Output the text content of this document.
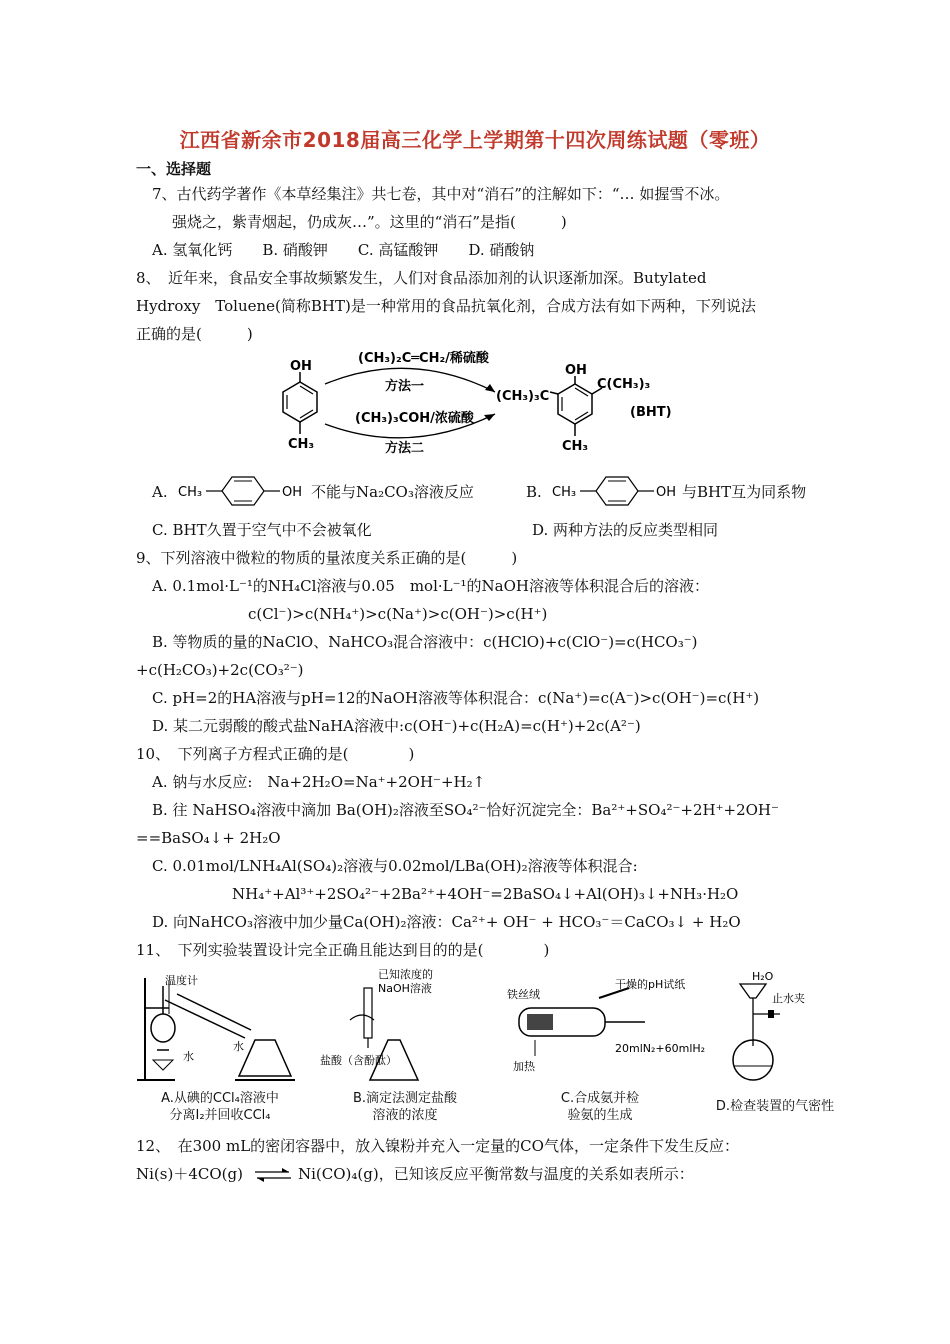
江西省新余市2018届高三化学上学期第十四次周练试题（零班）
一、选择题
7、古代药学著作《本草经集注》共七卷，其中对“消石”的注解如下：“… 如握雪不冰。
强烧之，紫青烟起，仍成灰…”。这里的“消石”是指(　　　)
A. 氢氧化钙　　B. 硝酸钾　　C. 高锰酸钾　　D. 硝酸钠
8、　近年来，食品安全事故频繁发生，人们对食品添加剂的认识逐渐加深。Butylated
Hydroxy　Toluene(简称BHT)是一种常用的食品抗氧化剂，合成方法有如下两种，下列说法
正确的是(　　　)
OH
CH₃
(CH₃)₂C═CH₂/稀硫酸
方法一
(CH₃)₃COH/浓硫酸
方法二
OH
(CH₃)₃C
C(CH₃)₃
(BHT)
CH₃
A. CH₃	OH 不能与Na₂CO₃溶液反应	B. CH₃	OH 与BHT互为同系物
C. BHT久置于空气中不会被氧化	D. 两种方法的反应类型相同
9、下列溶液中微粒的物质的量浓度关系正确的是(　　　)
A. 0.1mol·L⁻¹的NH₄Cl溶液与0.05　mol·L⁻¹的NaOH溶液等体积混合后的溶液：
c(Cl⁻)>c(NH₄⁺)>c(Na⁺)>c(OH⁻)>c(H⁺)
B. 等物质的量的NaClO、NaHCO₃混合溶液中：c(HClO)+c(ClO⁻)=c(HCO₃⁻)
+c(H₂CO₃)+2c(CO₃²⁻)
C. pH=2的HA溶液与pH=12的NaOH溶液等体积混合：c(Na⁺)=c(A⁻)>c(OH⁻)=c(H⁺)
D. 某二元弱酸的酸式盐NaHA溶液中:c(OH⁻)+c(H₂A)=c(H⁺)+2c(A²⁻)
10、　下列离子方程式正确的是(　　　　)
A. 钠与水反应:　Na+2H₂O=Na⁺+2OH⁻+H₂↑
B. 往 NaHSO₄溶液中滴加 Ba(OH)₂溶液至SO₄²⁻恰好沉淀完全：Ba²⁺+SO₄²⁻+2H⁺+2OH⁻
==BaSO₄↓+ 2H₂O
C. 0.01mol/LNH₄Al(SO₄)₂溶液与0.02mol/LBa(OH)₂溶液等体积混合:
NH₄⁺+Al³⁺+2SO₄²⁻+2Ba²⁺+4OH⁻=2BaSO₄↓+Al(OH)₃↓+NH₃·H₂O
D. 向NaHCO₃溶液中加少量Ca(OH)₂溶液：Ca²⁺+ OH⁻ + HCO₃⁻＝CaCO₃↓ + H₂O
11、　下列实验装置设计完全正确且能达到目的的是(　　　　)
温度计
水
水
A.从碘的CCl₄溶液中
分离I₂并回收CCl₄
已知浓度的
NaOH溶液
盐酸（含酚酞）
B.滴定法测定盐酸
溶液的浓度
铁丝绒
干燥的pH试纸
20mlN₂+60mlH₂
加热
C.合成氨并检
验氨的生成
H₂O
止水夹
D.检查装置的气密性
12、　在300 mL的密闭容器中，放入镍粉并充入一定量的CO气体，一定条件下发生反应：
Ni(s)＋4CO(g) ⇌ Ni(CO)₄(g)，已知该反应平衡常数与温度的关系如表所示：
